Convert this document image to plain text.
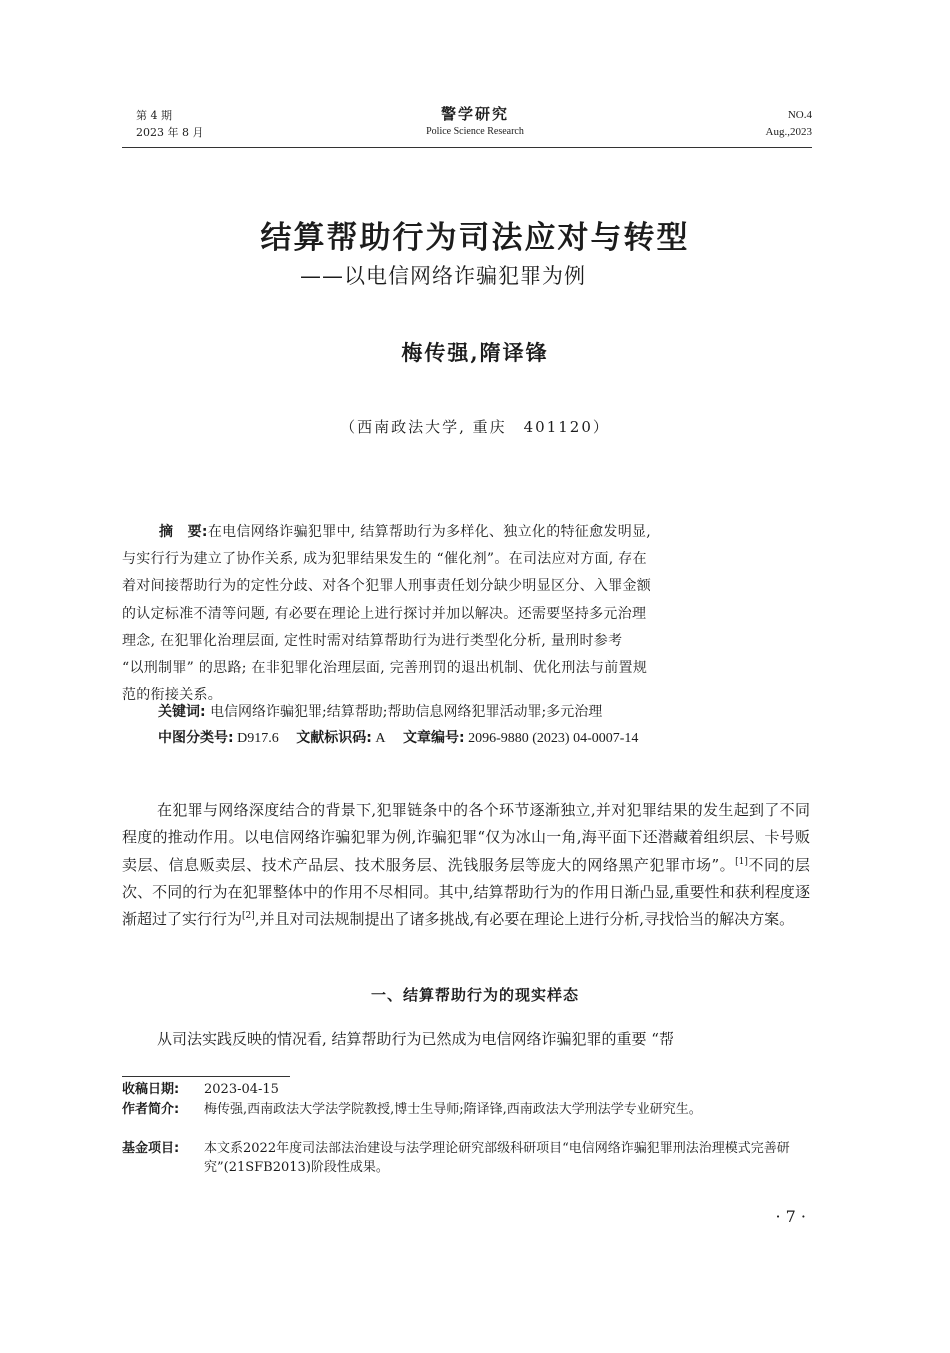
第 4 期
2023 年 8 月
警学研究
Police Science Research
NO.4
Aug.,2023
结算帮助行为司法应对与转型
——以电信网络诈骗犯罪为例
梅传强,隋译锋
（西南政法大学, 重庆　401120）
摘　要:在电信网络诈骗犯罪中, 结算帮助行为多样化、独立化的特征愈发明显,
与实行行为建立了协作关系, 成为犯罪结果发生的 “催化剂”。在司法应对方面, 存在
着对间接帮助行为的定性分歧、对各个犯罪人刑事责任划分缺少明显区分、入罪金额
的认定标准不清等问题, 有必要在理论上进行探讨并加以解决。还需要坚持多元治理
理念, 在犯罪化治理层面, 定性时需对结算帮助行为进行类型化分析, 量刑时参考
“以刑制罪” 的思路; 在非犯罪化治理层面, 完善刑罚的退出机制、优化刑法与前置规
范的衔接关系。
关键词: 电信网络诈骗犯罪;结算帮助;帮助信息网络犯罪活动罪;多元治理
中图分类号: D917.6 文献标识码: A 文章编号: 2096-9880 (2023) 04-0007-14
在犯罪与网络深度结合的背景下,犯罪链条中的各个环节逐渐独立,并对犯罪结果的发生起到了不同程度的推动作用。以电信网络诈骗犯罪为例,诈骗犯罪“仅为冰山一角,海平面下还潜藏着组织层、卡号贩卖层、信息贩卖层、技术产品层、技术服务层、洗钱服务层等庞大的网络黑产犯罪市场”。[1]不同的层次、不同的行为在犯罪整体中的作用不尽相同。其中,结算帮助行为的作用日渐凸显,重要性和获利程度逐渐超过了实行行为[2],并且对司法规制提出了诸多挑战,有必要在理论上进行分析,寻找恰当的解决方案。
一、结算帮助行为的现实样态
从司法实践反映的情况看, 结算帮助行为已然成为电信网络诈骗犯罪的重要 “帮
收稿日期: 2023-04-15
作者简介: 梅传强,西南政法大学法学院教授,博士生导师;隋译锋,西南政法大学刑法学专业研究生。
基金项目: 本文系2022年度司法部法治建设与法学理论研究部级科研项目“电信网络诈骗犯罪刑法治理模式完善研究”(21SFB2013)阶段性成果。
· 7 ·
